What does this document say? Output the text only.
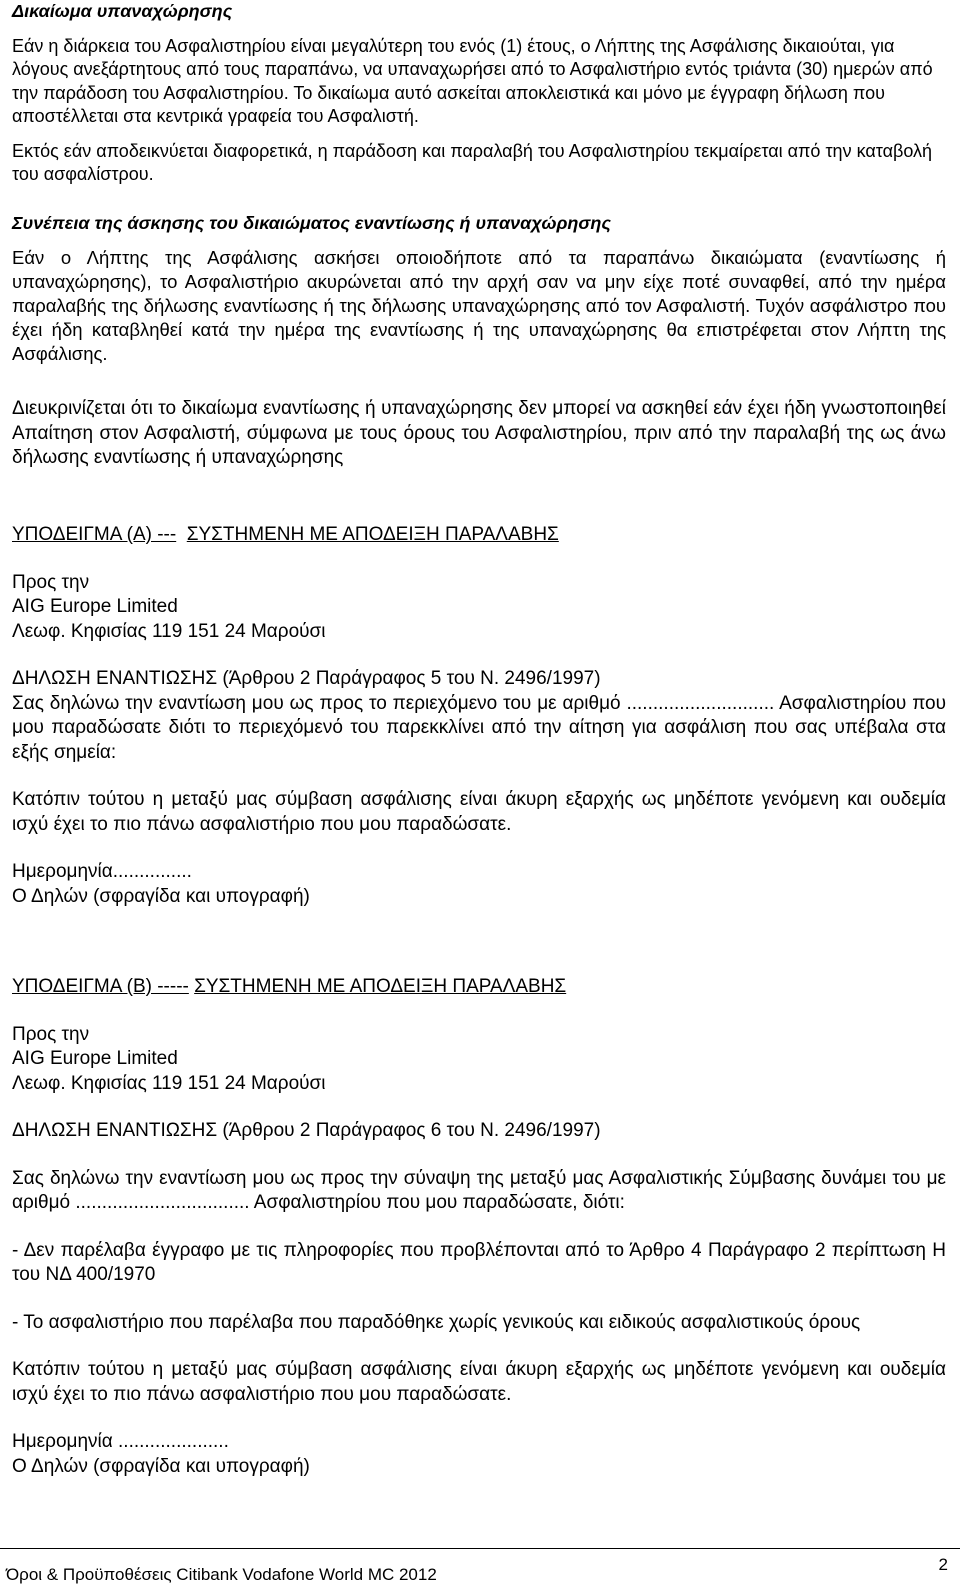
Δικαίωμα υπαναχώρησης
Εάν η διάρκεια του Ασφαλιστηρίου είναι μεγαλύτερη του ενός (1) έτους, ο Λήπτης της Ασφάλισης δικαιούται, για λόγους ανεξάρτητους από τους παραπάνω, να υπαναχωρήσει από το Ασφαλιστήριο εντός τριάντα (30) ημερών από την παράδοση του Ασφαλιστηρίου. Το δικαίωμα αυτό ασκείται αποκλειστικά και μόνο με έγγραφη δήλωση που αποστέλλεται στα κεντρικά γραφεία του Ασφαλιστή.
Εκτός εάν αποδεικνύεται διαφορετικά, η παράδοση και παραλαβή του Ασφαλιστηρίου τεκμαίρεται από την καταβολή του ασφαλίστρου.
Συνέπεια της άσκησης του δικαιώματος εναντίωσης ή υπαναχώρησης
Εάν ο Λήπτης της Ασφάλισης ασκήσει οποιοδήποτε από τα παραπάνω δικαιώματα (εναντίωσης ή υπαναχώρησης), το Ασφαλιστήριο ακυρώνεται από την αρχή σαν να μην είχε ποτέ συναφθεί, από την ημέρα παραλαβής της δήλωσης εναντίωσης ή της δήλωσης υπαναχώρησης από τον Ασφαλιστή. Τυχόν ασφάλιστρο που έχει ήδη καταβληθεί κατά την ημέρα της εναντίωσης ή της υπαναχώρησης θα επιστρέφεται στον Λήπτη της Ασφάλισης.
Διευκρινίζεται ότι το δικαίωμα εναντίωσης ή υπαναχώρησης δεν μπορεί να ασκηθεί εάν έχει ήδη γνωστοποιηθεί Απαίτηση στον Ασφαλιστή, σύμφωνα με τους όρους του Ασφαλιστηρίου, πριν από την παραλαβή της ως άνω δήλωσης εναντίωσης ή υπαναχώρησης
ΥΠΟΔΕΙΓΜΑ (Α) --- ΣΥΣΤΗΜΕΝΗ ΜΕ ΑΠΟΔΕΙΞΗ ΠΑΡΑΛΑΒΗΣ
Προς την
AIG Europe Limited
Λεωφ. Κηφισίας 119 151 24 Μαρούσι
ΔΗΛΩΣΗ ΕΝΑΝΤΙΩΣΗΣ (Άρθρου 2 Παράγραφος 5 του Ν. 2496/1997)
Σας δηλώνω την εναντίωση μου ως προς το περιεχόμενο του με αριθμό ............................ Ασφαλιστηρίου που μου παραδώσατε διότι το περιεχόμενό του παρεκκλίνει από την αίτηση για ασφάλιση που σας υπέβαλα στα εξής σημεία:
Κατόπιν τούτου η μεταξύ μας σύμβαση ασφάλισης είναι άκυρη εξαρχής ως μηδέποτε γενόμενη και ουδεμία ισχύ έχει το πιο πάνω ασφαλιστήριο που μου παραδώσατε.
Ημερομηνία...............
Ο Δηλών (σφραγίδα και υπογραφή)
ΥΠΟΔΕΙΓΜΑ (Β) ----- ΣΥΣΤΗΜΕΝΗ ΜΕ ΑΠΟΔΕΙΞΗ ΠΑΡΑΛΑΒΗΣ
Προς την
AIG Europe Limited
Λεωφ. Κηφισίας 119 151 24 Μαρούσι
ΔΗΛΩΣΗ ΕΝΑΝΤΙΩΣΗΣ (Άρθρου 2 Παράγραφος 6 του Ν. 2496/1997)
Σας δηλώνω την εναντίωση μου ως προς την σύναψη της μεταξύ μας Ασφαλιστικής Σύμβασης δυνάμει του με αριθμό ................................. Ασφαλιστηρίου που μου παραδώσατε, διότι:
- Δεν παρέλαβα έγγραφο με τις πληροφορίες που προβλέπονται από το Άρθρο 4 Παράγραφο 2 περίπτωση Η του ΝΔ 400/1970
- Το ασφαλιστήριο που παρέλαβα που παραδόθηκε χωρίς γενικούς και ειδικούς ασφαλιστικούς όρους
Κατόπιν τούτου η μεταξύ μας σύμβαση ασφάλισης είναι άκυρη εξαρχής ως μηδέποτε γενόμενη και ουδεμία ισχύ έχει το πιο πάνω ασφαλιστήριο που μου παραδώσατε.
Ημερομηνία .....................
Ο Δηλών (σφραγίδα και υπογραφή)
Όροι & Προϋποθέσεις Citibank Vodafone World MC 2012
2
